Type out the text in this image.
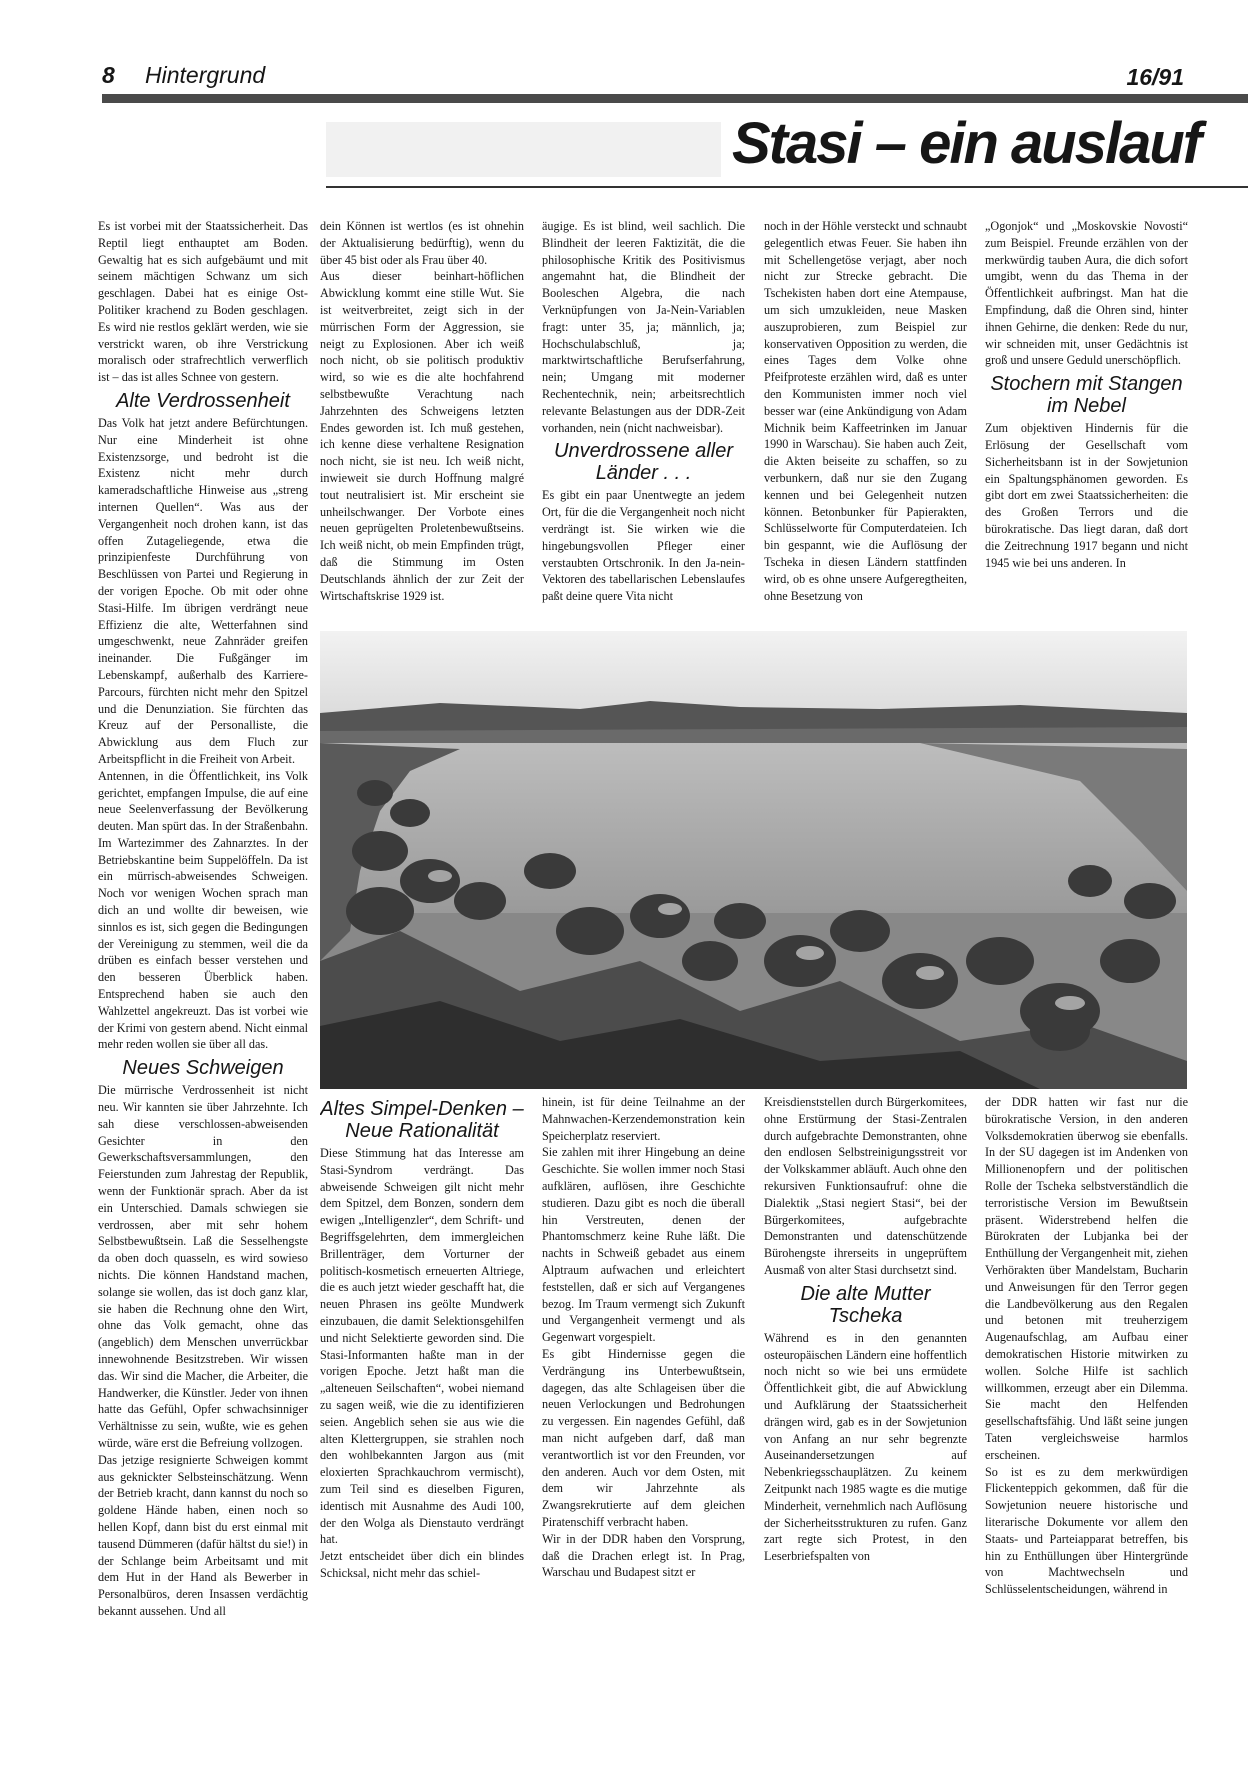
8 Hintergrund	16/91
Stasi – ein auslauf

Es ist vorbei mit der Staatssicherheit. Das Reptil liegt enthauptet am Boden. Gewaltig hat es sich aufgebäumt und mit seinem mächtigen Schwanz um sich geschlagen. Dabei hat es einige Ost-Politiker krachend zu Boden geschlagen. Es wird nie restlos geklärt werden, wie sie verstrickt waren, ob ihre Verstrickung moralisch oder strafrechtlich verwerflich ist – das ist alles Schnee von gestern.

Alte Verdrossenheit

Das Volk hat jetzt andere Befürchtungen. Nur eine Minderheit ist ohne Existenzsorge, und bedroht ist die Existenz nicht mehr durch kameradschaftliche Hinweise aus „streng internen Quellen“. Was aus der Vergangenheit noch drohen kann, ist das offen Zutageliegende, etwa die prinzipienfeste Durchführung von Beschlüssen von Partei und Regierung in der vorigen Epoche. Ob mit oder ohne Stasi-Hilfe. Im übrigen verdrängt neue Effizienz die alte, Wetterfahnen sind umgeschwenkt, neue Zahnräder greifen ineinander. Die Fußgänger im Lebenskampf, außerhalb des Karriere-Parcours, fürchten nicht mehr den Spitzel und die Denunziation. Sie fürchten das Kreuz auf der Personalliste, die Abwicklung aus dem Fluch zur Arbeitspflicht in die Freiheit von Arbeit.

Antennen, in die Öffentlichkeit, ins Volk gerichtet, empfangen Impulse, die auf eine neue Seelenverfassung der Bevölkerung deuten. Man spürt das. In der Straßenbahn. Im Wartezimmer des Zahnarztes. In der Betriebskantine beim Suppelöffeln. Da ist ein mürrisch-abweisendes Schweigen. Noch vor wenigen Wochen sprach man dich an und wollte dir beweisen, wie sinnlos es ist, sich gegen die Bedingungen der Vereinigung zu stemmen, weil die da drüben es einfach besser verstehen und den besseren Überblick haben. Entsprechend haben sie auch den Wahlzettel angekreuzt. Das ist vorbei wie der Krimi von gestern abend. Nicht einmal mehr reden wollen sie über all das.

Neues Schweigen

Die mürrische Verdrossenheit ist nicht neu. Wir kannten sie über Jahrzehnte. Ich sah diese verschlossen-abweisenden Gesichter in den Gewerkschaftsversammlungen, den Feierstunden zum Jahrestag der Republik, wenn der Funktionär sprach. Aber da ist ein Unterschied. Damals schwiegen sie verdrossen, aber mit sehr hohem Selbstbewußtsein. Laß die Sesselhengste da oben doch quasseln, es wird sowieso nichts. Die können Handstand machen, solange sie wollen, das ist doch ganz klar, sie haben die Rechnung ohne den Wirt, ohne das Volk gemacht, ohne das (angeblich) dem Menschen unverrückbar innewohnende Besitzstreben. Wir wissen das. Wir sind die Macher, die Arbeiter, die Handwerker, die Künstler. Jeder von ihnen hatte das Gefühl, Opfer schwachsinniger Verhältnisse zu sein, wußte, wie es gehen würde, wäre erst die Befreiung vollzogen.

Das jetzige resignierte Schweigen kommt aus geknickter Selbsteinschätzung. Wenn der Betrieb kracht, dann kannst du noch so goldene Hände haben, einen noch so hellen Kopf, dann bist du erst einmal mit tausend Dümmeren (dafür hältst du sie!) in der Schlange beim Arbeitsamt und mit dem Hut in der Hand als Bewerber in Personalbüros, deren Insassen verdächtig bekannt aussehen. Und all

dein Können ist wertlos (es ist ohnehin der Aktualisierung bedürftig), wenn du über 45 bist oder als Frau über 40.

Aus dieser beinhart-höflichen Abwicklung kommt eine stille Wut. Sie ist weitverbreitet, zeigt sich in der mürrischen Form der Aggression, sie neigt zu Explosionen. Aber ich weiß noch nicht, ob sie politisch produktiv wird, so wie es die alte hochfahrend selbstbewußte Verachtung nach Jahrzehnten des Schweigens letzten Endes geworden ist. Ich muß gestehen, ich kenne diese verhaltene Resignation noch nicht, sie ist neu. Ich weiß nicht, inwieweit sie durch Hoffnung malgré tout neutralisiert ist. Mir erscheint sie unheilschwanger. Der Vorbote eines neuen geprügelten Proletenbewußtseins. Ich weiß nicht, ob mein Empfinden trügt, daß die Stimmung im Osten Deutschlands ähnlich der zur Zeit der Wirtschaftskrise 1929 ist.

äugige. Es ist blind, weil sachlich. Die Blindheit der leeren Faktizität, die die philosophische Kritik des Positivismus angemahnt hat, die Blindheit der Booleschen Algebra, die nach Verknüpfungen von Ja-Nein-Variablen fragt: unter 35, ja; männlich, ja; Hochschulabschluß, ja; marktwirtschaftliche Berufserfahrung, nein; Umgang mit moderner Rechentechnik, nein; arbeitsrechtlich relevante Belastungen aus der DDR-Zeit vorhanden, nein (nicht nachweisbar).

Unverdrossene aller Länder . . .

Es gibt ein paar Unentwegte an jedem Ort, für die die Vergangenheit noch nicht verdrängt ist. Sie wirken wie die hingebungsvollen Pfleger einer verstaubten Ortschronik. In den Ja-nein-Vektoren des tabellarischen Lebenslaufes paßt deine quere Vita nicht

noch in der Höhle versteckt und schnaubt gelegentlich etwas Feuer. Sie haben ihn mit Schellengetöse verjagt, aber noch nicht zur Strecke gebracht. Die Tschekisten haben dort eine Atempause, um sich umzukleiden, neue Masken auszuprobieren, zum Beispiel zur konservativen Opposition zu werden, die eines Tages dem Volke ohne Pfeifproteste erzählen wird, daß es unter den Kommunisten immer noch viel besser war (eine Ankündigung von Adam Michnik beim Kaffeetrinken im Januar 1990 in Warschau). Sie haben auch Zeit, die Akten beiseite zu schaffen, so zu verbunkern, daß nur sie den Zugang kennen und bei Gelegenheit nutzen können. Betonbunker für Papierakten, Schlüsselworte für Computerdateien. Ich bin gespannt, wie die Auflösung der Tscheka in diesen Ländern stattfinden wird, ob es ohne unsere Aufgeregtheiten, ohne Besetzung von

„Ogonjok“ und „Moskovskie Novosti“ zum Beispiel. Freunde erzählen von der merkwürdig tauben Aura, die dich sofort umgibt, wenn du das Thema in der Öffentlichkeit aufbringst. Man hat die Empfindung, daß die Ohren sind, hinter ihnen Gehirne, die denken: Rede du nur, wir schneiden mit, unser Gedächtnis ist groß und unsere Geduld unerschöpflich.

Stochern mit Stangen im Nebel

Zum objektiven Hindernis für die Erlösung der Gesellschaft vom Sicherheitsbann ist in der Sowjetunion ein Spaltungsphänomen geworden. Es gibt dort em zwei Staatssicherheiten: die des Großen Terrors und die bürokratische. Das liegt daran, daß dort die Zeitrechnung 1917 begann und nicht 1945 wie bei uns anderen. In

Altes Simpel-Denken – Neue Rationalität

Diese Stimmung hat das Interesse am Stasi-Syndrom verdrängt. Das abweisende Schweigen gilt nicht mehr dem Spitzel, dem Bonzen, sondern dem ewigen „Intelligenzler“, dem Schrift- und Begriffsgelehrten, dem immergleichen Brillenträger, dem Vorturner der politisch-kosmetisch erneuerten Altriege, die es auch jetzt wieder geschafft hat, die neuen Phrasen ins geölte Mundwerk einzubauen, die damit Selektionsgehilfen und nicht Selektierte geworden sind. Die Stasi-Informanten haßte man in der vorigen Epoche. Jetzt haßt man die „alteneuen Seilschaften“, wobei niemand zu sagen weiß, wie die zu identifizieren seien. Angeblich sehen sie aus wie die alten Klettergruppen, sie strahlen noch den wohlbekannten Jargon aus (mit eloxierten Sprachkauchrom vermischt), zum Teil sind es dieselben Figuren, identisch mit Ausnahme des Audi 100, der den Wolga als Dienstauto verdrängt hat.

Jetzt entscheidet über dich ein blindes Schicksal, nicht mehr das schiel-

hinein, ist für deine Teilnahme an der Mahnwachen-Kerzendemonstration kein Speicherplatz reserviert.

Sie zahlen mit ihrer Hingebung an deine Geschichte. Sie wollen immer noch Stasi aufklären, auflösen, ihre Geschichte studieren. Dazu gibt es noch die überall hin Verstreuten, denen der Phantomschmerz keine Ruhe läßt. Die nachts in Schweiß gebadet aus einem Alptraum aufwachen und erleichtert feststellen, daß er sich auf Vergangenes bezog. Im Traum vermengt sich Zukunft und Vergangenheit vermengt und als Gegenwart vorgespielt.

Es gibt Hindernisse gegen die Verdrängung ins Unterbewußtsein, dagegen, das alte Schlageisen über die neuen Verlockungen und Bedrohungen zu vergessen. Ein nagendes Gefühl, daß man nicht aufgeben darf, daß man verantwortlich ist vor den Freunden, vor den anderen. Auch vor dem Osten, mit dem wir Jahrzehnte als Zwangsrekrutierte auf dem gleichen Piratenschiff verbracht haben.

Wir in der DDR haben den Vorsprung, daß die Drachen erlegt ist. In Prag, Warschau und Budapest sitzt er

Kreisdienststellen durch Bürgerkomitees, ohne Erstürmung der Stasi-Zentralen durch aufgebrachte Demonstranten, ohne den endlosen Selbstreinigungsstreit vor der Volkskammer abläuft. Auch ohne den rekursiven Funktionsaufruf: ohne die Dialektik „Stasi negiert Stasi“, bei der Bürgerkomitees, aufgebrachte Demonstranten und datenschützende Bürohengste ihrerseits in ungeprüftem Ausmaß von alter Stasi durchsetzt sind.

Die alte Mutter Tscheka

Während es in den genannten osteuropäischen Ländern eine hoffentlich noch nicht so wie bei uns ermüdete Öffentlichkeit gibt, die auf Abwicklung und Aufklärung der Staatssicherheit drängen wird, gab es in der Sowjetunion von Anfang an nur sehr begrenzte Auseinandersetzungen auf Nebenkriegsschauplätzen. Zu keinem Zeitpunkt nach 1985 wagte es die mutige Minderheit, vernehmlich nach Auflösung der Sicherheitsstrukturen zu rufen. Ganz zart regte sich Protest, in den Leserbriefspalten von

der DDR hatten wir fast nur die bürokratische Version, in den anderen Volksdemokratien überwog sie ebenfalls. In der SU dagegen ist im Andenken von Millionenopfern und der politischen Rolle der Tscheka selbstverständlich die terroristische Version im Bewußtsein präsent. Widerstrebend helfen die Bürokraten der Lubjanka bei der Enthüllung der Vergangenheit mit, ziehen Verhörakten über Mandelstam, Bucharin und Anweisungen für den Terror gegen die Landbevölkerung aus den Regalen und betonen mit treuherzigem Augenaufschlag, am Aufbau einer demokratischen Historie mitwirken zu wollen. Solche Hilfe ist sachlich willkommen, erzeugt aber ein Dilemma. Sie macht den Helfenden gesellschaftsfähig. Und läßt seine jungen Taten vergleichsweise harmlos erscheinen.

So ist es zu dem merkwürdigen Flickenteppich gekommen, daß für die Sowjetunion neuere historische und literarische Dokumente vor allem den Staats- und Parteiapparat betreffen, bis hin zu Enthüllungen über Hintergründe von Machtwechseln und Schlüsselentscheidungen, während in
